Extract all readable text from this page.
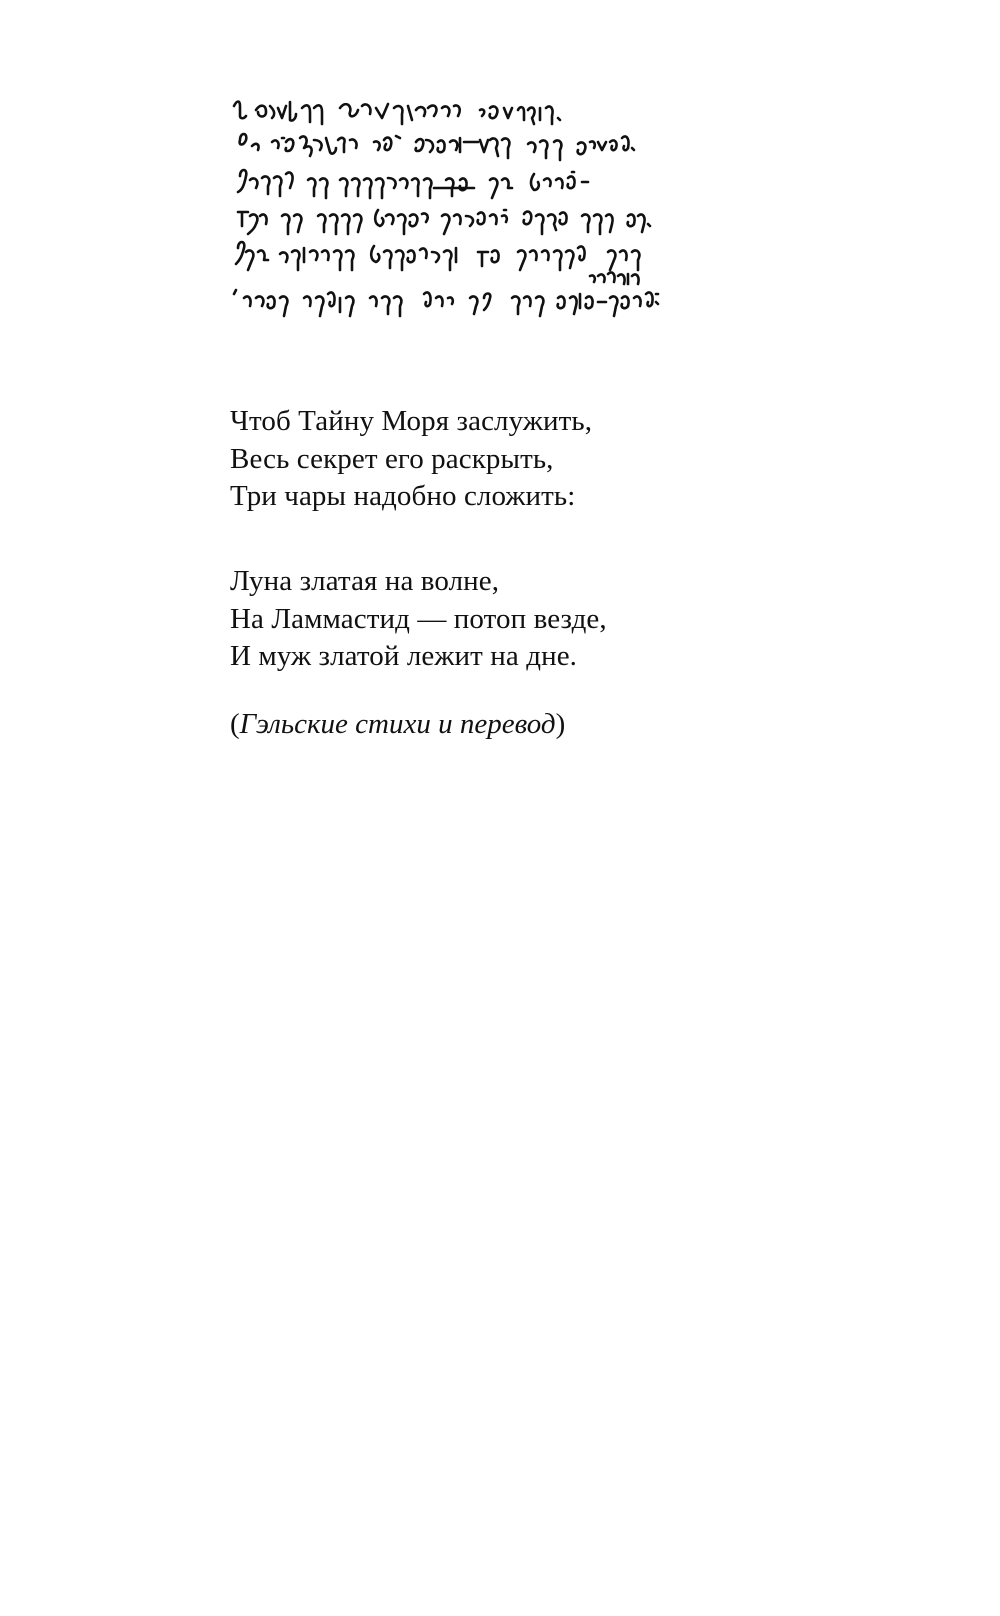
Чтоб Тайну Моря заслужить,

Весь секрет его раскрыть,

Три чары надобно сложить:

Луна златая на волне,

На Ламмастид — потоп везде,

И муж златой лежит на дне.

(Гэльские стихи и перевод)
